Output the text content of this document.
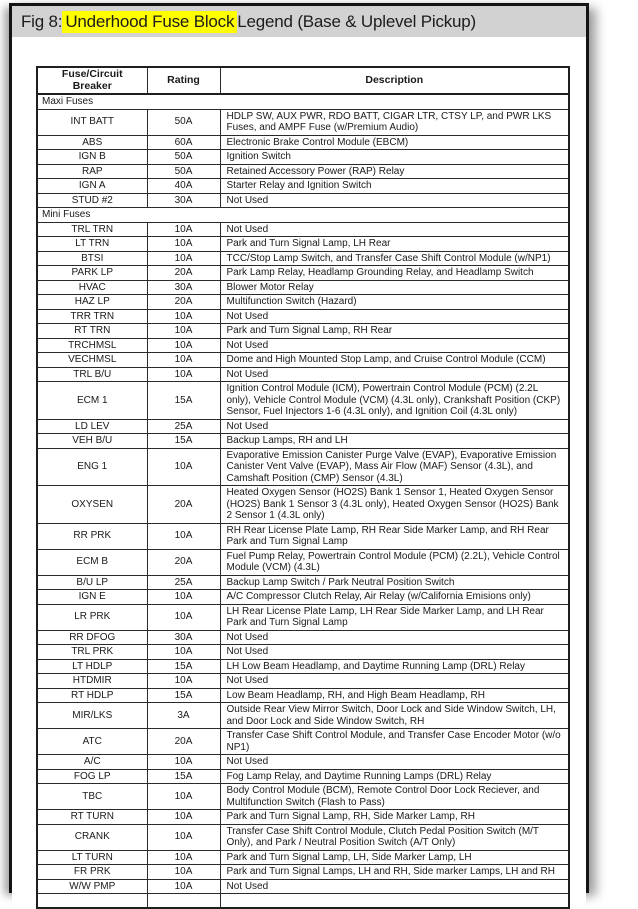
Fig 8: Underhood Fuse Block Legend (Base & Uplevel Pickup)
Fuse/Circuit Breaker	Rating	Description
Maxi Fuses		
INT BATT	50A	HDLP SW, AUX PWR, RDO BATT, CIGAR LTR, CTSY LP, and PWR LKS Fuses, and AMPF Fuse (w/Premium Audio)
ABS	60A	Electronic Brake Control Module (EBCM)
IGN B	50A	Ignition Switch
RAP	50A	Retained Accessory Power (RAP) Relay
IGN A	40A	Starter Relay and Ignition Switch
STUD #2	30A	Not Used
Mini Fuses		
TRL TRN	10A	Not Used
LT TRN	10A	Park and Turn Signal Lamp, LH Rear
BTSI	10A	TCC/Stop Lamp Switch, and Transfer Case Shift Control Module (w/NP1)
PARK LP	20A	Park Lamp Relay, Headlamp Grounding Relay, and Headlamp Switch
HVAC	30A	Blower Motor Relay
HAZ LP	20A	Multifunction Switch (Hazard)
TRR TRN	10A	Not Used
RT TRN	10A	Park and Turn Signal Lamp, RH Rear
TRCHMSL	10A	Not Used
VECHMSL	10A	Dome and High Mounted Stop Lamp, and Cruise Control Module (CCM)
TRL B/U	10A	Not Used
ECM 1	15A	Ignition Control Module (ICM), Powertrain Control Module (PCM) (2.2L only), Vehicle Control Module (VCM) (4.3L only), Crankshaft Position (CKP) Sensor, Fuel Injectors 1-6 (4.3L only), and Ignition Coil (4.3L only)
LD LEV	25A	Not Used
VEH B/U	15A	Backup Lamps, RH and LH
ENG 1	10A	Evaporative Emission Canister Purge Valve (EVAP), Evaporative Emission Canister Vent Valve (EVAP), Mass Air Flow (MAF) Sensor (4.3L), and Camshaft Position (CMP) Sensor (4.3L)
OXYSEN	20A	Heated Oxygen Sensor (HO2S) Bank 1 Sensor 1, Heated Oxygen Sensor (HO2S) Bank 1 Sensor 3 (4.3L only), Heated Oxygen Sensor (HO2S) Bank 2 Sensor 1 (4.3L only)
RR PRK	10A	RH Rear License Plate Lamp, RH Rear Side Marker Lamp, and RH Rear Park and Turn Signal Lamp
ECM B	20A	Fuel Pump Relay, Powertrain Control Module (PCM) (2.2L), Vehicle Control Module (VCM) (4.3L)
B/U LP	25A	Backup Lamp Switch / Park Neutral Position Switch
IGN E	10A	A/C Compressor Clutch Relay, Air Relay (w/California Emisions only)
LR PRK	10A	LH Rear License Plate Lamp, LH Rear Side Marker Lamp, and LH Rear Park and Turn Signal Lamp
RR DFOG	30A	Not Used
TRL PRK	10A	Not Used
LT HDLP	15A	LH Low Beam Headlamp, and Daytime Running Lamp (DRL) Relay
HTDMIR	10A	Not Used
RT HDLP	15A	Low Beam Headlamp, RH, and High Beam Headlamp, RH
MIR/LKS	3A	Outside Rear View Mirror Switch, Door Lock and Side Window Switch, LH, and Door Lock and Side Window Switch, RH
ATC	20A	Transfer Case Shift Control Module, and Transfer Case Encoder Motor (w/o NP1)
A/C	10A	Not Used
FOG LP	15A	Fog Lamp Relay, and Daytime Running Lamps (DRL) Relay
TBC	10A	Body Control Module (BCM), Remote Control Door Lock Reciever, and Multifunction Switch (Flash to Pass)
RT TURN	10A	Park and Turn Signal Lamp, RH, Side Marker Lamp, RH
CRANK	10A	Transfer Case Shift Control Module, Clutch Pedal Position Switch (M/T Only), and Park / Neutral Position Switch (A/T Only)
LT TURN	10A	Park and Turn Signal Lamp, LH, Side Marker Lamp, LH
FR PRK	10A	Park and Turn Signal Lamps, LH and RH, Side marker Lamps, LH and RH
W/W PMP	10A	Not Used
